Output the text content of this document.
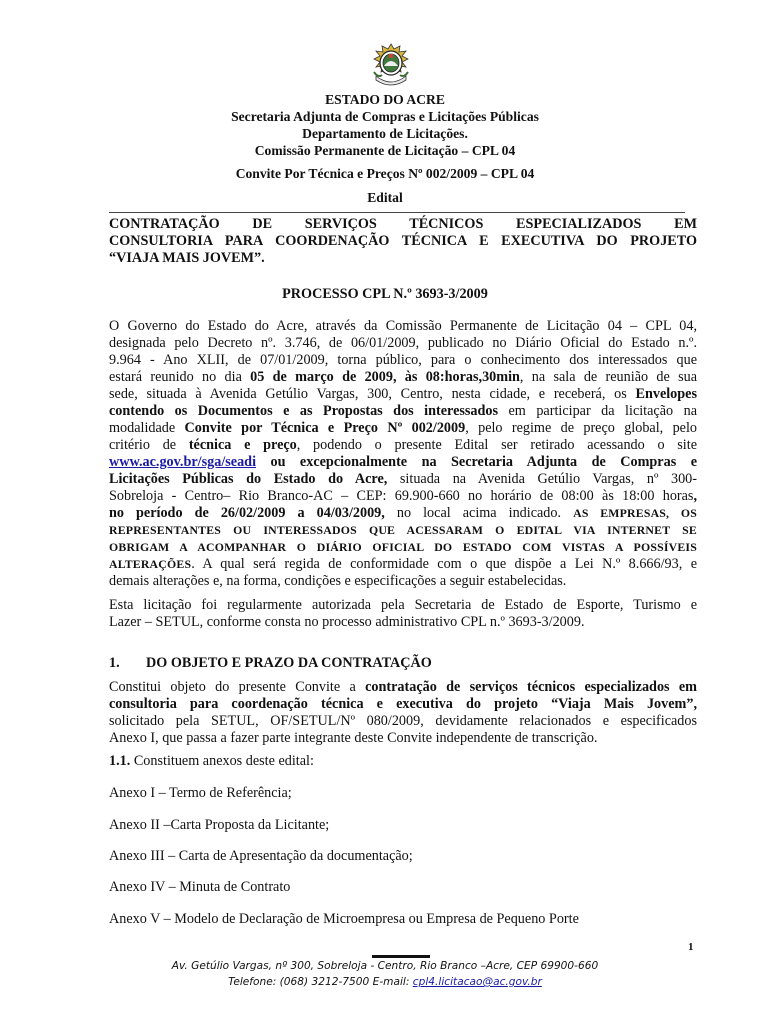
ESTADO DO ACRE
Secretaria Adjunta de Compras e Licitações Públicas
Departamento de Licitações.
Comissão Permanente de Licitação – CPL 04
Convite Por Técnica e Preços Nº 002/2009 – CPL 04
Edital
CONTRATAÇÃO DE SERVIÇOS TÉCNICOS ESPECIALIZADOS EM
CONSULTORIA PARA COORDENAÇÃO TÉCNICA E EXECUTIVA DO PROJETO
“VIAJA MAIS JOVEM”.
PROCESSO CPL N.º 3693-3/2009
O Governo do Estado do Acre, através da Comissão Permanente de Licitação 04 – CPL 04,
designada pelo Decreto nº. 3.746, de 06/01/2009, publicado no Diário Oficial do Estado n.º.
9.964 - Ano XLII, de 07/01/2009, torna público, para o conhecimento dos interessados que
estará reunido no dia 05 de março de 2009, às 08:horas,30min, na sala de reunião de sua
sede, situada à Avenida Getúlio Vargas, 300, Centro, nesta cidade, e receberá, os Envelopes
contendo os Documentos e as Propostas dos interessados em participar da licitação na
modalidade Convite por Técnica e Preço Nº 002/2009, pelo regime de preço global, pelo
critério de técnica e preço, podendo o presente Edital ser retirado acessando o site
www.ac.gov.br/sga/seadi ou excepcionalmente na Secretaria Adjunta de Compras e
Licitações Públicas do Estado do Acre, situada na Avenida Getúlio Vargas, nº 300-
Sobreloja - Centro– Rio Branco-AC – CEP: 69.900-660 no horário de 08:00 às 18:00 horas,
no período de 26/02/2009 a 04/03/2009, no local acima indicado. AS EMPRESAS, OS
REPRESENTANTES OU INTERESSADOS QUE ACESSARAM O EDITAL VIA INTERNET SE
OBRIGAM A ACOMPANHAR O DIÁRIO OFICIAL DO ESTADO COM VISTAS A POSSÍVEIS
ALTERAÇÕES. A qual será regida de conformidade com o que dispõe a Lei N.º 8.666/93, e
demais alterações e, na forma, condições e especificações a seguir estabelecidas.
Esta licitação foi regularmente autorizada pela Secretaria de Estado de Esporte, Turismo e
Lazer – SETUL, conforme consta no processo administrativo CPL n.º 3693-3/2009.
1. DO OBJETO E PRAZO DA CONTRATAÇÃO
Constitui objeto do presente Convite a contratação de serviços técnicos especializados em
consultoria para coordenação técnica e executiva do projeto “Viaja Mais Jovem”,
solicitado pela SETUL, OF/SETUL/Nº 080/2009, devidamente relacionados e especificados
Anexo I, que passa a fazer parte integrante deste Convite independente de transcrição.
1.1. Constituem anexos deste edital:
Anexo I – Termo de Referência;
Anexo II –Carta Proposta da Licitante;
Anexo III – Carta de Apresentação da documentação;
Anexo IV – Minuta de Contrato
Anexo V – Modelo de Declaração de Microempresa ou Empresa de Pequeno Porte
1
Av. Getúlio Vargas, nº 300, Sobreloja - Centro, Rio Branco –Acre, CEP 69900-660
Telefone: (068) 3212-7500 E-mail: cpl4.licitacao@ac.gov.br
